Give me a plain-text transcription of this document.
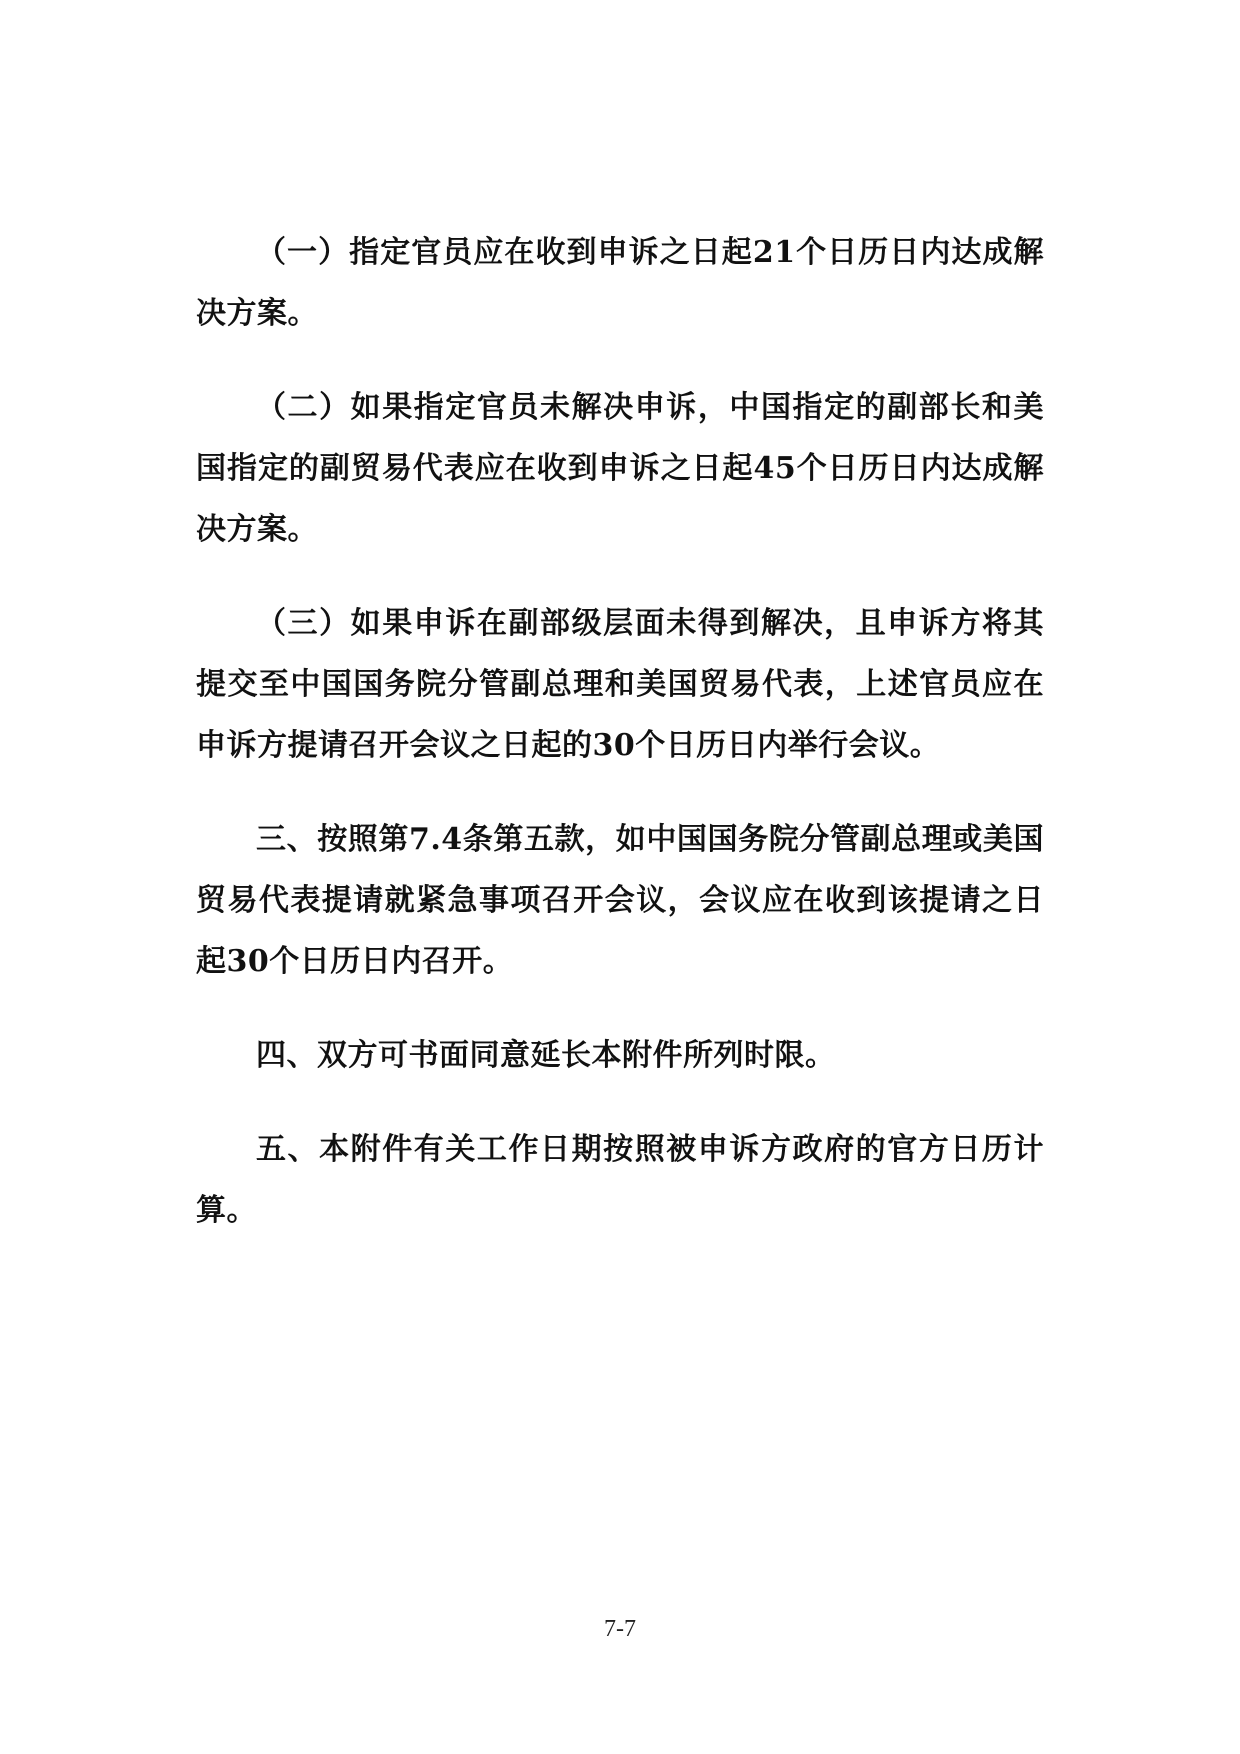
（一）指定官员应在收到申诉之日起21个日历日内达成解决方案。

（二）如果指定官员未解决申诉，中国指定的副部长和美国指定的副贸易代表应在收到申诉之日起45个日历日内达成解决方案。

（三）如果申诉在副部级层面未得到解决，且申诉方将其提交至中国国务院分管副总理和美国贸易代表，上述官员应在申诉方提请召开会议之日起的30个日历日内举行会议。

三、按照第7.4条第五款，如中国国务院分管副总理或美国贸易代表提请就紧急事项召开会议，会议应在收到该提请之日起30个日历日内召开。

四、双方可书面同意延长本附件所列时限。

五、本附件有关工作日期按照被申诉方政府的官方日历计算。

7-7
